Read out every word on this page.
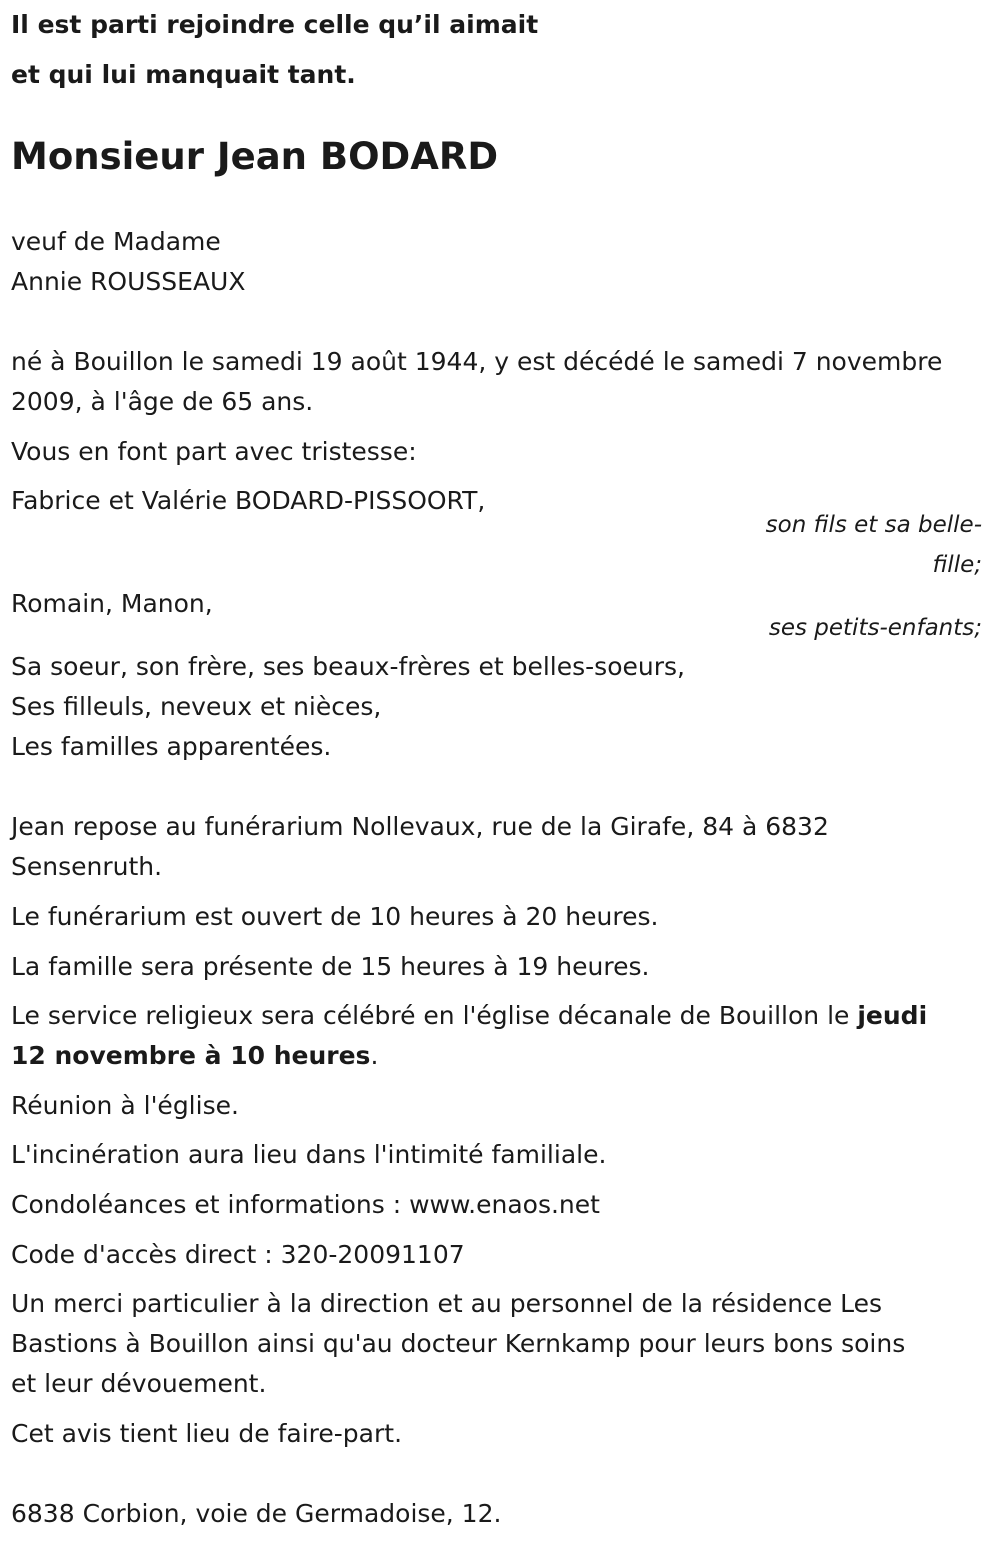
Il est parti rejoindre celle qu’il aimait
et qui lui manquait tant.
Monsieur Jean BODARD
veuf de Madame
Annie ROUSSEAUX
né à Bouillon le samedi 19 août 1944, y est décédé le samedi 7 novembre
2009, à l'âge de 65 ans.
Vous en font part avec tristesse:
Fabrice et Valérie BODARD-PISSOORT,
son fils et sa belle-
fille;
Romain, Manon,
ses petits-enfants;
Sa soeur, son frère, ses beaux-frères et belles-soeurs,
Ses filleuls, neveux et nièces,
Les familles apparentées.
Jean repose au funérarium Nollevaux, rue de la Girafe, 84 à 6832
Sensenruth.
Le funérarium est ouvert de 10 heures à 20 heures.
La famille sera présente de 15 heures à 19 heures.
Le service religieux sera célébré en l'église décanale de Bouillon le jeudi
12 novembre à 10 heures.
Réunion à l'église.
L'incinération aura lieu dans l'intimité familiale.
Condoléances et informations : www.enaos.net
Code d'accès direct : 320-20091107
Un merci particulier à la direction et au personnel de la résidence Les
Bastions à Bouillon ainsi qu'au docteur Kernkamp pour leurs bons soins
et leur dévouement.
Cet avis tient lieu de faire-part.
6838 Corbion, voie de Germadoise, 12.
